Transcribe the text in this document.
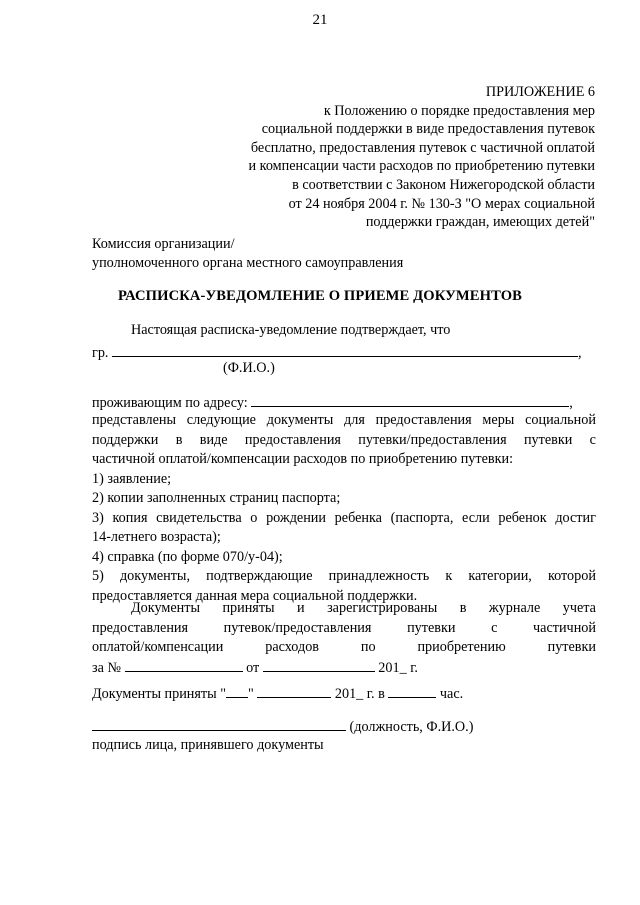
21
ПРИЛОЖЕНИЕ 6
к Положению о порядке предоставления мер
социальной поддержки в виде предоставления путевок
бесплатно, предоставления путевок с частичной оплатой
и компенсации части расходов по приобретению путевки
в соответствии с Законом Нижегородской области
от 24 ноября 2004 г. № 130-З "О мерах социальной
поддержки граждан, имеющих детей"
Комиссия организации/
уполномоченного органа местного самоуправления
РАСПИСКА-УВЕДОМЛЕНИЕ О ПРИЕМЕ ДОКУМЕНТОВ
Настоящая расписка-уведомление подтверждает, что
гр.	,
(Ф.И.О.)
проживающим по адресу:	,
представлены следующие документы для предоставления меры социальной
поддержки в виде предоставления путевки/предоставления путевки с
частичной оплатой/компенсации расходов по приобретению путевки:
1) заявление;
2) копии заполненных страниц паспорта;
3) копия свидетельства о рождении ребенка (паспорта, если ребенок достиг
14-летнего возраста);
4) справка (по форме 070/у-04);
5) документы, подтверждающие принадлежность к категории, которой
предоставляется данная мера социальной поддержки.
Документы приняты и зарегистрированы в журнале учета
предоставления	путевок/предоставления	путевки	с	частичной
оплатой/компенсации	расходов	по	приобретению	путевки
за №	от	201_ г.
Документы приняты " "	201_ г. в	час.
(должность, Ф.И.О.)
подпись лица, принявшего документы
